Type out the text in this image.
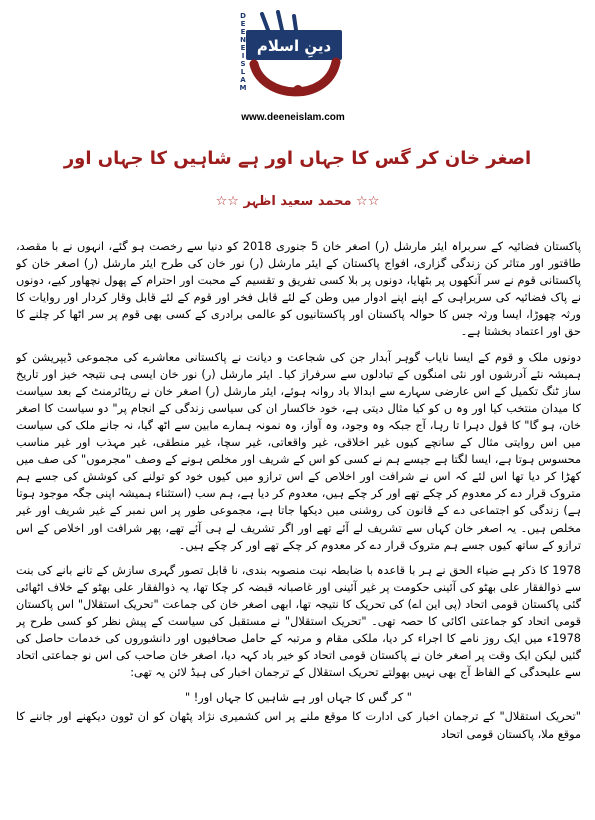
D
E
E
N
E
I
S
L
A
M
دینِ اسلام
www.deeneislam.com
اصغر خان کر گس کا جہاں اور ہے شاہیں کا جہاں اور
☆☆ محمد سعید اظہر ☆☆

پاکستان فضائیہ کے سربراہ ایئر مارشل (ر) اصغر خان 5 جنوری 2018 کو دنیا سے رخصت ہو گئے، انہوں نے با مقصد، طاقتور اور متاثر کن زندگی گزاری، افواج پاکستان کے ایئر مارشل (ر) نور خان کی طرح ایئر مارشل (ر) اصغر خان کو پاکستانی قوم نے سر آنکھوں پر بٹھایا، دونوں پر بلا کسی تفریق و تقسیم کے محبت اور احترام کے پھول نچھاور کیے، دونوں نے پاک فضائیہ کی سربراہی کے اپنے اپنے ادوار میں وطن کے لئے قابل فخر اور قوم کے لئے قابل وقار کردار اور روایات کا ورثہ چھوڑا، ایسا ورثہ جس کا حوالہ پاکستان اور پاکستانیوں کو عالمی برادری کے کسی بھی قوم پر سر اٹھا کر چلنے کا حق اور اعتماد بخشتا ہے۔

دونوں ملک و قوم کے ایسا نایاب گوہر آبدار جن کی شجاعت و دیانت نے پاکستانی معاشرے کی مجموعی ڈیپریشن کو ہمیشہ نئے آدرشوں اور نئی امنگوں کے تبادلوں سے سرفراز کیا۔ ایئر مارشل (ر) نور خان ایسی ہی نتیجہ خیز اور تاریخ ساز ٹنگ تکمیل کے اس عارضی سہارے سے ابدالا باد روانہ ہوئے، ایئر مارشل (ر) اصغر خان نے ریٹائرمنٹ کے بعد سیاست کا میدان منتخب کیا اور وہ ں کو کیا مثال دیتی ہے، خود خاکسار ان کی سیاسی زندگی کے انجام پر" دو سیاست کا اصغر خان، ہو گا" کا قول دہرا تا رہا، آج جبکہ وہ وجود، وہ آواز، وہ نمونہ ہمارے مابین سے اٹھ گیا، نہ جانے ملک کی سیاست میں اس روایتی مثال کے سانچے کیوں غیر اخلاقی، غیر واقعاتی، غیر سچا، غیر منطقی، غیر مہذب اور غیر مناسب محسوس ہوتا ہے، ایسا لگتا ہے جیسے ہم نے کسی کو اس کے شریف اور مخلص ہونے کے وصف "مجرموں" کی صف میں کھڑا کر دیا تھا اس لئے کہ اس نے شرافت اور اخلاص کے اس ترازو میں کیوں خود کو تولنے کی کوشش کی جسے ہم متروک قرار دے کر معدوم کر چکے تھے اور کر چکے ہیں، معدوم کر دیا ہے، ہم سب (استثناء ہمیشہ اپنی جگہ موجود ہوتا ہے) زندگی کو اجتماعی دے کے قانون کی روشنی میں دیکھا جاتا ہے، مجموعی طور پر اس نمبر کے غیر شریف اور غیر مخلص ہیں۔ یہ اصغر خان کہاں سے تشریف لے آئے تھے اور اگر تشریف لے ہی آئے تھے، پھر شرافت اور اخلاص کے اس ترازو کے ساتھ کیوں جسے ہم متروک قرار دے کر معدوم کر چکے تھے اور کر چکے ہیں۔

1978 کا ذکر ہے ضیاء الحق نے ہر با قاعدہ با ضابطہ نیت منصوبہ بندی، نا قابل تصور گہری سازش کے تانے بانے کی بنت سے ذوالفقار علی بھٹو کی آئینی حکومت پر غیر آئینی اور غاصبانہ قبضہ کر چکا تھا، یہ ذوالفقار علی بھٹو کے خلاف اٹھائی گئی پاکستان قومی اتحاد (پی این اے) کی تحریک کا نتیجہ تھا، ابھی اصغر خان کی جماعت "تحریک استقلال" اس پاکستان قومی اتحاد کو جماعتی اکائی کا حصہ تھی۔ "تحریک استقلال" نے مستقبل کی سیاست کے پیش نظر کو کسی طرح پر 1978ء میں ایک روز نامے کا اجراء کر دیا، ملکی مقام و مرتبہ کے حامل صحافیوں اور دانشوروں کی خدمات حاصل کی گئیں لیکن ایک وقت پر اصغر خان نے پاکستان قومی اتحاد کو خیر باد کہہ دیا، اصغر خان صاحب کی اس نو جماعتی اتحاد سے علیحدگی کے الفاظ آج بھی نہیں بھولتے تحریک استقلال کے ترجمان اخبار کی ہیڈ لائن یہ تھی:

" کر گس کا جہاں اور ہے شاہیں کا جہاں اور! "

"تحریک استقلال" کے ترجمان اخبار کی ادارت کا موقع ملنے پر اس کشمیری نژاد پٹھان کو ان ٹوون دیکھنے اور جاننے کا موقع ملا، پاکستان قومی اتحاد
